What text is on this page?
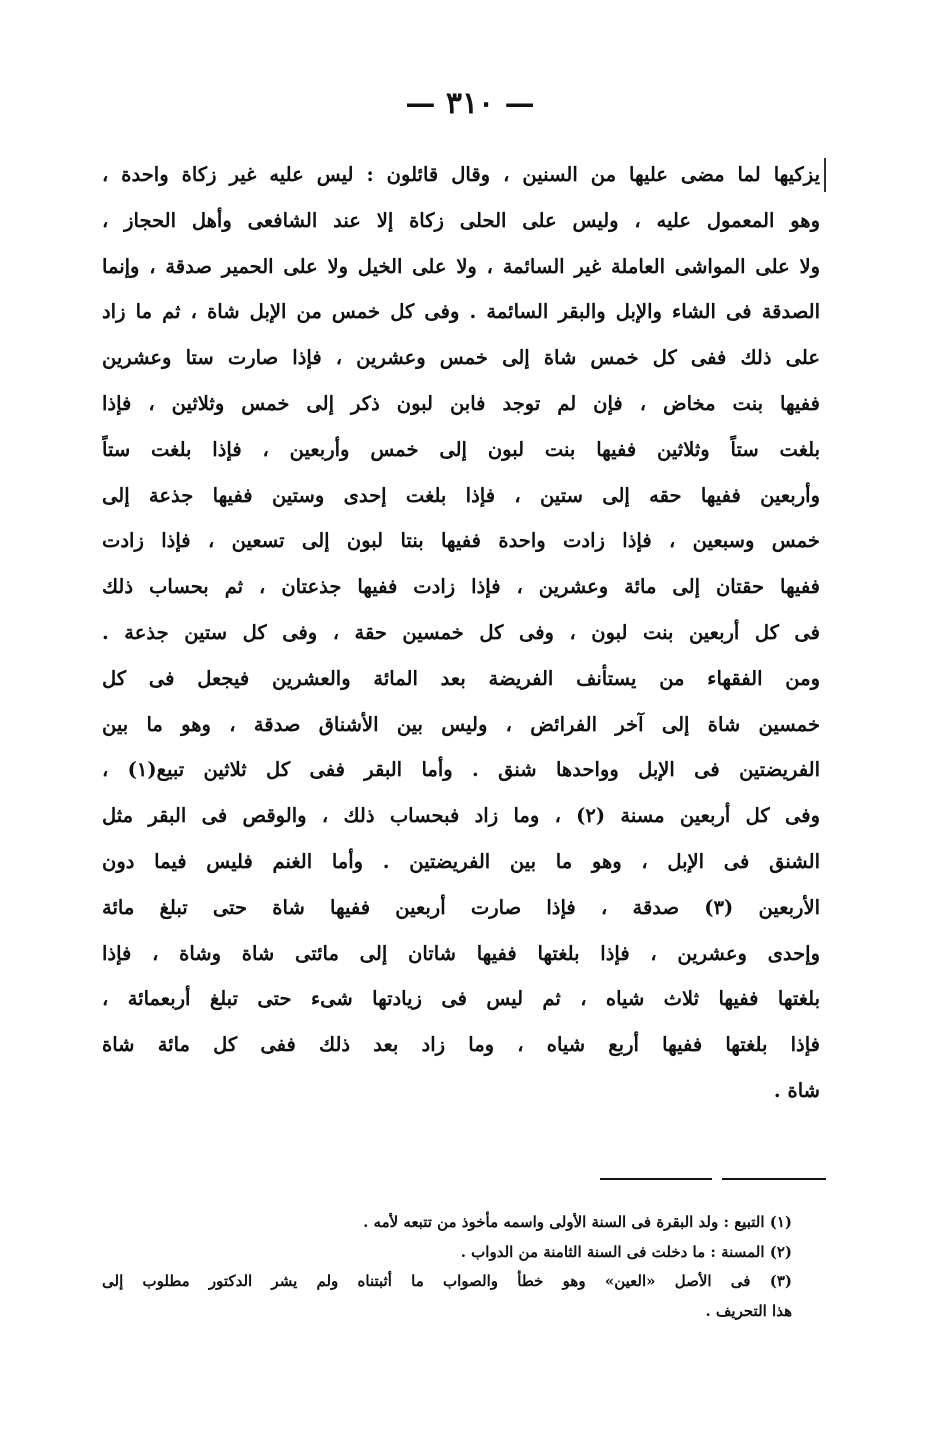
— ٣١٠ —
يزكيها لما مضى عليها من السنين ، وقال قائلون : ليس عليه غير زكاة واحدة ،
وهو المعمول عليه ، وليس على الحلى زكاة إلا عند الشافعى وأهل الحجاز ،
ولا على المواشى العاملة غير السائمة ، ولا على الخيل ولا على الحمير صدقة ، وإنما
الصدقة فى الشاء والإبل والبقر السائمة . وفى كل خمس من الإبل شاة ، ثم ما زاد
على ذلك ففى كل خمس شاة إلى خمس وعشرين ، فإذا صارت ستا وعشرين
ففيها بنت مخاض ، فإن لم توجد فابن لبون ذكر إلى خمس وثلاثين ، فإذا
بلغت ستاً وثلاثين ففيها بنت لبون إلى خمس وأربعين ، فإذا بلغت ستاً
وأربعين ففيها حقه إلى ستين ، فإذا بلغت إحدى وستين ففيها جذعة إلى
خمس وسبعين ، فإذا زادت واحدة ففيها بنتا لبون إلى تسعين ، فإذا زادت
ففيها حقتان إلى مائة وعشرين ، فإذا زادت ففيها جذعتان ، ثم بحساب ذلك
فى كل أربعين بنت لبون ، وفى كل خمسين حقة ، وفى كل ستين جذعة .
ومن الفقهاء من يستأنف الفريضة بعد المائة والعشرين فيجعل فى كل
خمسين شاة إلى آخر الفرائض ، وليس بين الأشناق صدقة ، وهو ما بين
الفريضتين فى الإبل وواحدها شنق . وأما البقر ففى كل ثلاثين تبيع(١) ،
وفى كل أربعين مسنة (٢) ، وما زاد فبحساب ذلك ، والوقص فى البقر مثل
الشنق فى الإبل ، وهو ما بين الفريضتين . وأما الغنم فليس فيما دون
الأربعين (٣) صدقة ، فإذا صارت أربعين ففيها شاة حتى تبلغ مائة
وإحدى وعشرين ، فإذا بلغتها ففيها شاتان إلى مائتى شاة وشاة ، فإذا
بلغتها ففيها ثلاث شياه ، ثم ليس فى زيادتها شىء حتى تبلغ أربعمائة ،
فإذا بلغتها ففيها أربع شياه ، وما زاد بعد ذلك ففى كل مائة شاة
شاة .
(١) التبيع : ولد البقرة فى السنة الأولى واسمه مأخوذ من تتبعه لأمه .
(٢) المسنة : ما دخلت فى السنة الثامنة من الدواب .
(٣) فى الأصل «العين» وهو خطأ والصواب ما أثبتناه ولم يشر الدكتور مطلوب إلى
هذا التحريف .
